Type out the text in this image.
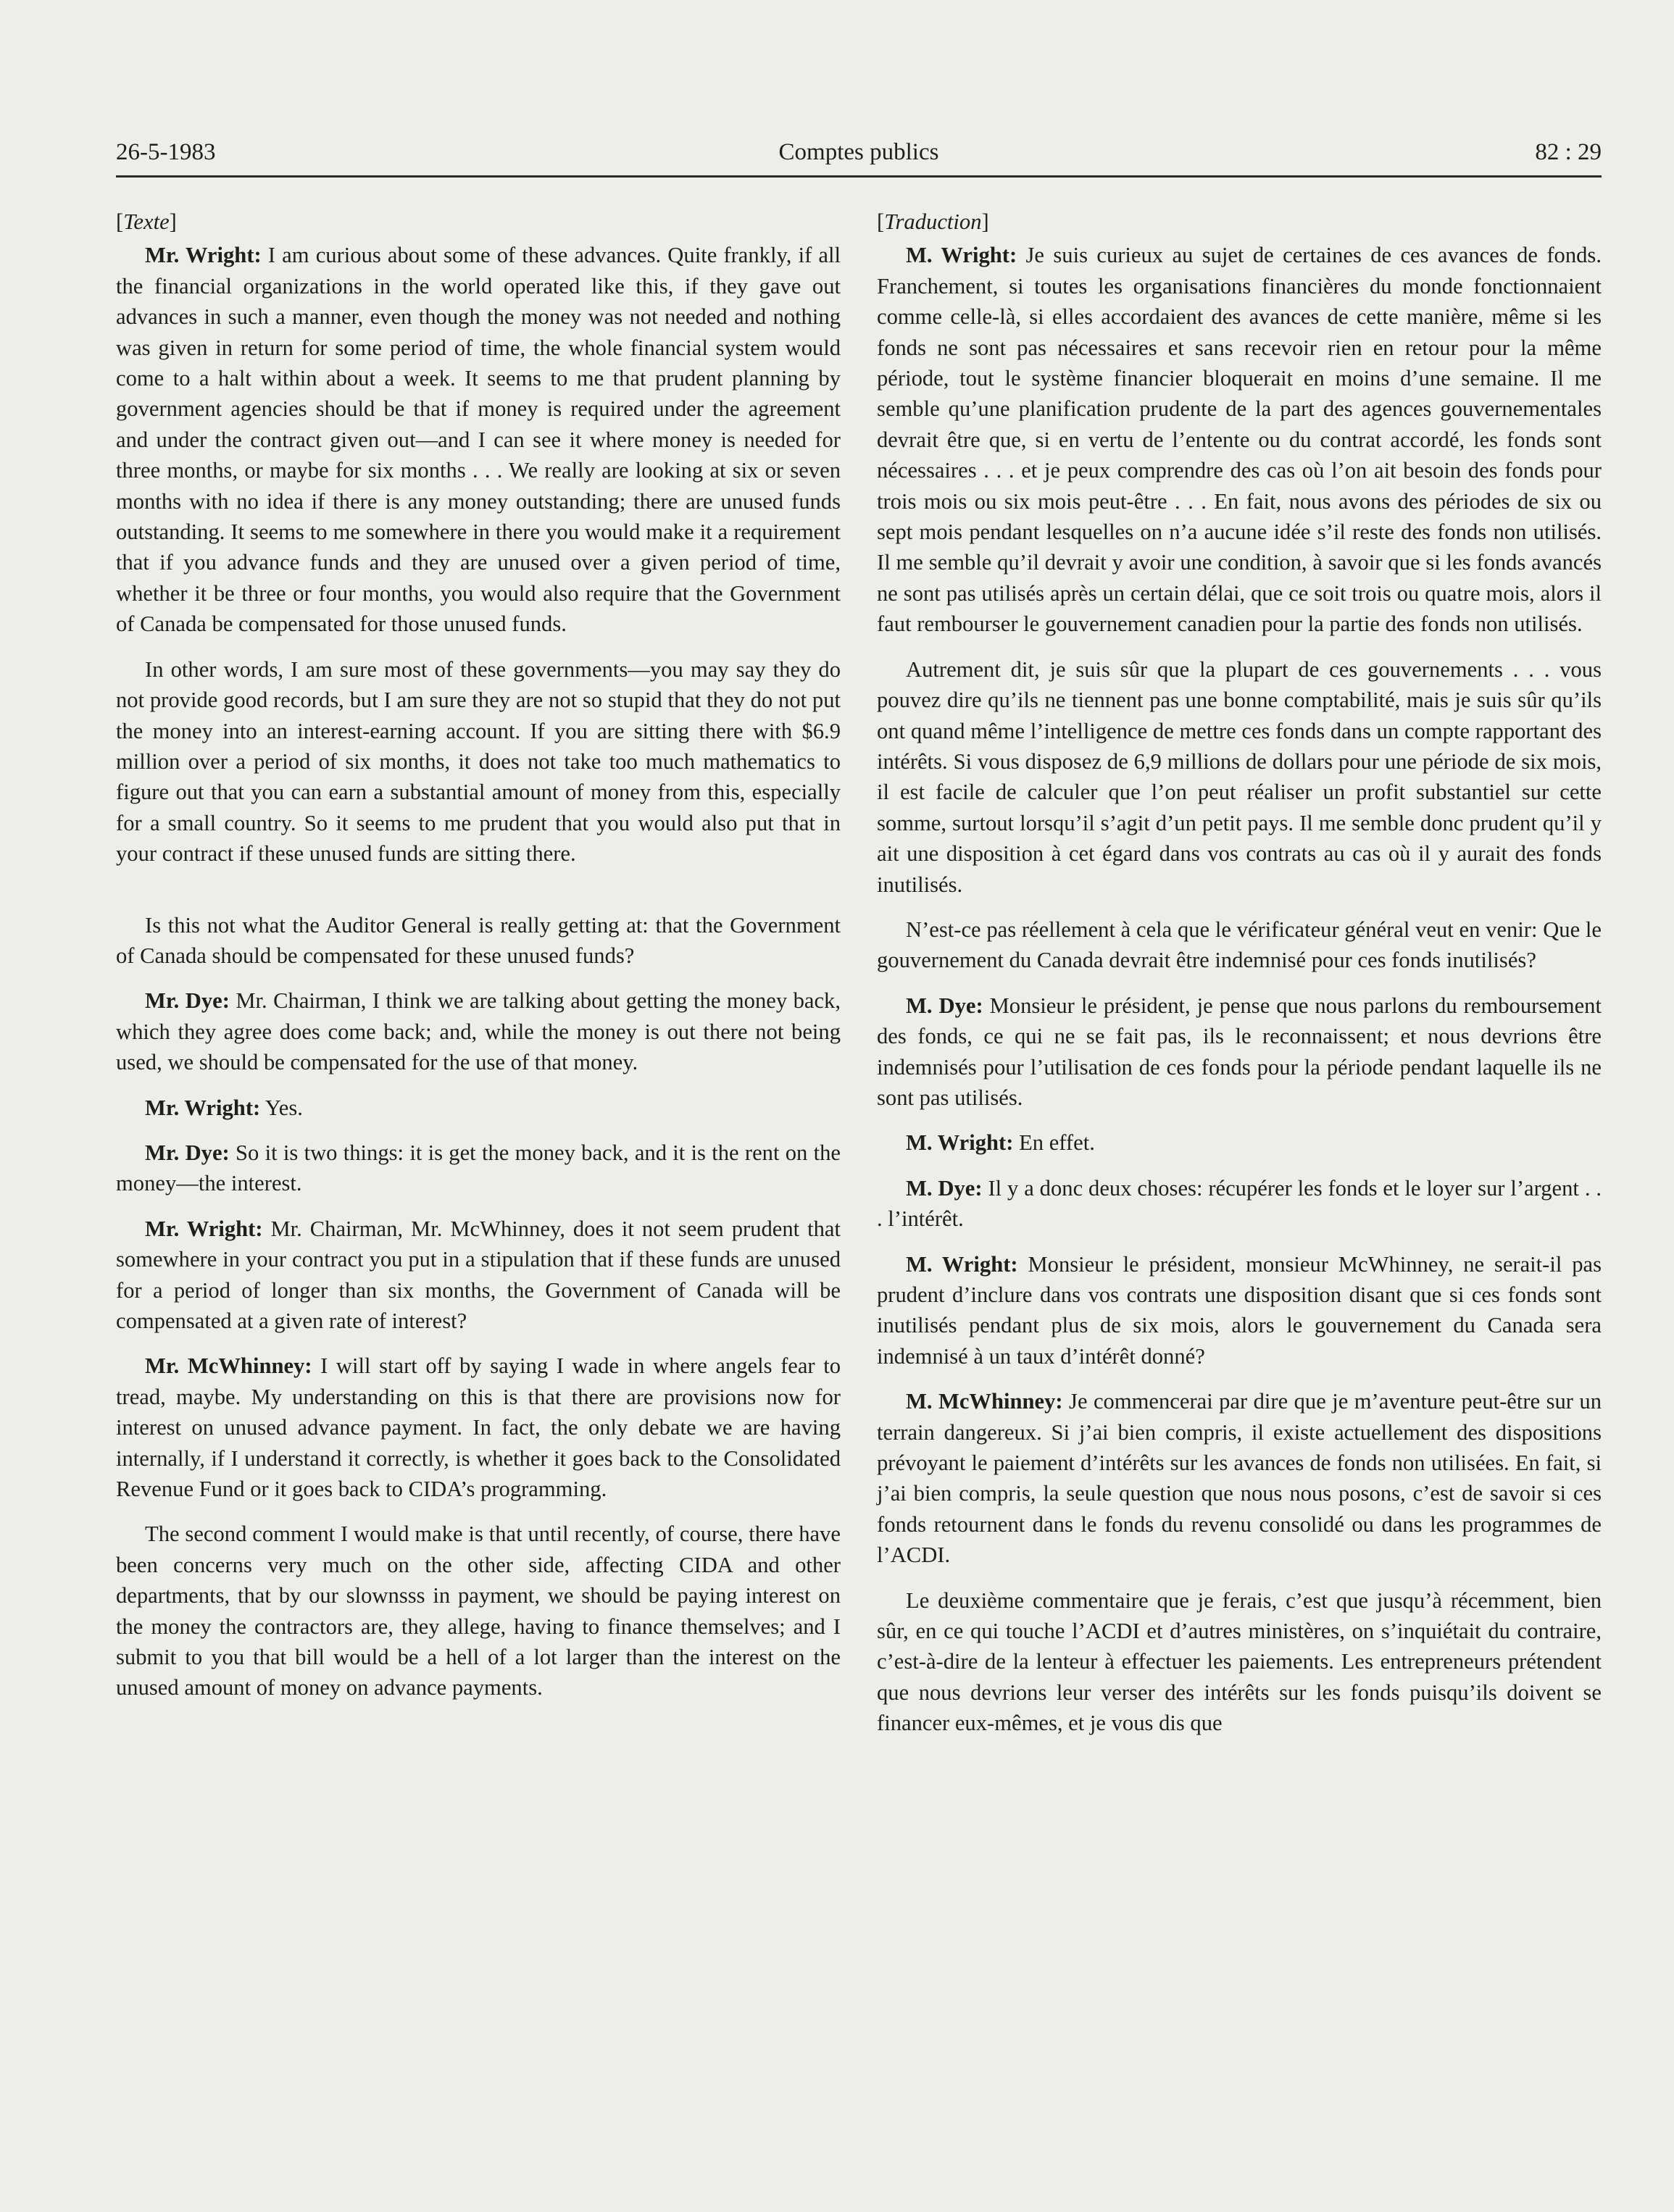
26-5-1983	Comptes publics	82 : 29
[Texte]

Mr. Wright: I am curious about some of these advances. Quite frankly, if all the financial organizations in the world operated like this, if they gave out advances in such a manner, even though the money was not needed and nothing was given in return for some period of time, the whole financial system would come to a halt within about a week. It seems to me that prudent planning by government agencies should be that if money is required under the agreement and under the contract given out—and I can see it where money is needed for three months, or maybe for six months . . . We really are looking at six or seven months with no idea if there is any money outstanding; there are unused funds outstanding. It seems to me somewhere in there you would make it a requirement that if you advance funds and they are unused over a given period of time, whether it be three or four months, you would also require that the Government of Canada be compensated for those unused funds.

In other words, I am sure most of these governments—you may say they do not provide good records, but I am sure they are not so stupid that they do not put the money into an interest-earning account. If you are sitting there with $6.9 million over a period of six months, it does not take too much mathematics to figure out that you can earn a substantial amount of money from this, especially for a small country. So it seems to me prudent that you would also put that in your contract if these unused funds are sitting there.

Is this not what the Auditor General is really getting at: that the Government of Canada should be compensated for these unused funds?

Mr. Dye: Mr. Chairman, I think we are talking about getting the money back, which they agree does come back; and, while the money is out there not being used, we should be compensated for the use of that money.

Mr. Wright: Yes.

Mr. Dye: So it is two things: it is get the money back, and it is the rent on the money—the interest.

Mr. Wright: Mr. Chairman, Mr. McWhinney, does it not seem prudent that somewhere in your contract you put in a stipulation that if these funds are unused for a period of longer than six months, the Government of Canada will be compensated at a given rate of interest?

Mr. McWhinney: I will start off by saying I wade in where angels fear to tread, maybe. My understanding on this is that there are provisions now for interest on unused advance payment. In fact, the only debate we are having internally, if I understand it correctly, is whether it goes back to the Consolidated Revenue Fund or it goes back to CIDA’s programming.

The second comment I would make is that until recently, of course, there have been concerns very much on the other side, affecting CIDA and other departments, that by our slownsss in payment, we should be paying interest on the money the contractors are, they allege, having to finance themselves; and I submit to you that bill would be a hell of a lot larger than the interest on the unused amount of money on advance payments.

[Traduction]

M. Wright: Je suis curieux au sujet de certaines de ces avances de fonds. Franchement, si toutes les organisations financières du monde fonctionnaient comme celle-là, si elles accordaient des avances de cette manière, même si les fonds ne sont pas nécessaires et sans recevoir rien en retour pour la même période, tout le système financier bloquerait en moins d’une semaine. Il me semble qu’une planification prudente de la part des agences gouvernementales devrait être que, si en vertu de l’entente ou du contrat accordé, les fonds sont nécessaires . . . et je peux comprendre des cas où l’on ait besoin des fonds pour trois mois ou six mois peut-être . . . En fait, nous avons des périodes de six ou sept mois pendant lesquelles on n’a aucune idée s’il reste des fonds non utilisés. Il me semble qu’il devrait y avoir une condition, à savoir que si les fonds avancés ne sont pas utilisés après un certain délai, que ce soit trois ou quatre mois, alors il faut rembourser le gouvernement canadien pour la partie des fonds non utilisés.

Autrement dit, je suis sûr que la plupart de ces gouvernements . . . vous pouvez dire qu’ils ne tiennent pas une bonne comptabilité, mais je suis sûr qu’ils ont quand même l’intelligence de mettre ces fonds dans un compte rapportant des intérêts. Si vous disposez de 6,9 millions de dollars pour une période de six mois, il est facile de calculer que l’on peut réaliser un profit substantiel sur cette somme, surtout lorsqu’il s’agit d’un petit pays. Il me semble donc prudent qu’il y ait une disposition à cet égard dans vos contrats au cas où il y aurait des fonds inutilisés.

N’est-ce pas réellement à cela que le vérificateur général veut en venir: Que le gouvernement du Canada devrait être indemnisé pour ces fonds inutilisés?

M. Dye: Monsieur le président, je pense que nous parlons du remboursement des fonds, ce qui ne se fait pas, ils le reconnaissent; et nous devrions être indemnisés pour l’utilisation de ces fonds pour la période pendant laquelle ils ne sont pas utilisés.

M. Wright: En effet.

M. Dye: Il y a donc deux choses: récupérer les fonds et le loyer sur l’argent . . . l’intérêt.

M. Wright: Monsieur le président, monsieur McWhinney, ne serait-il pas prudent d’inclure dans vos contrats une disposition disant que si ces fonds sont inutilisés pendant plus de six mois, alors le gouvernement du Canada sera indemnisé à un taux d’intérêt donné?

M. McWhinney: Je commencerai par dire que je m’aventure peut-être sur un terrain dangereux. Si j’ai bien compris, il existe actuellement des dispositions prévoyant le paiement d’intérêts sur les avances de fonds non utilisées. En fait, si j’ai bien compris, la seule question que nous nous posons, c’est de savoir si ces fonds retournent dans le fonds du revenu consolidé ou dans les programmes de l’ACDI.

Le deuxième commentaire que je ferais, c’est que jusqu’à récemment, bien sûr, en ce qui touche l’ACDI et d’autres ministères, on s’inquiétait du contraire, c’est-à-dire de la lenteur à effectuer les paiements. Les entrepreneurs prétendent que nous devrions leur verser des intérêts sur les fonds puisqu’ils doivent se financer eux-mêmes, et je vous dis que
